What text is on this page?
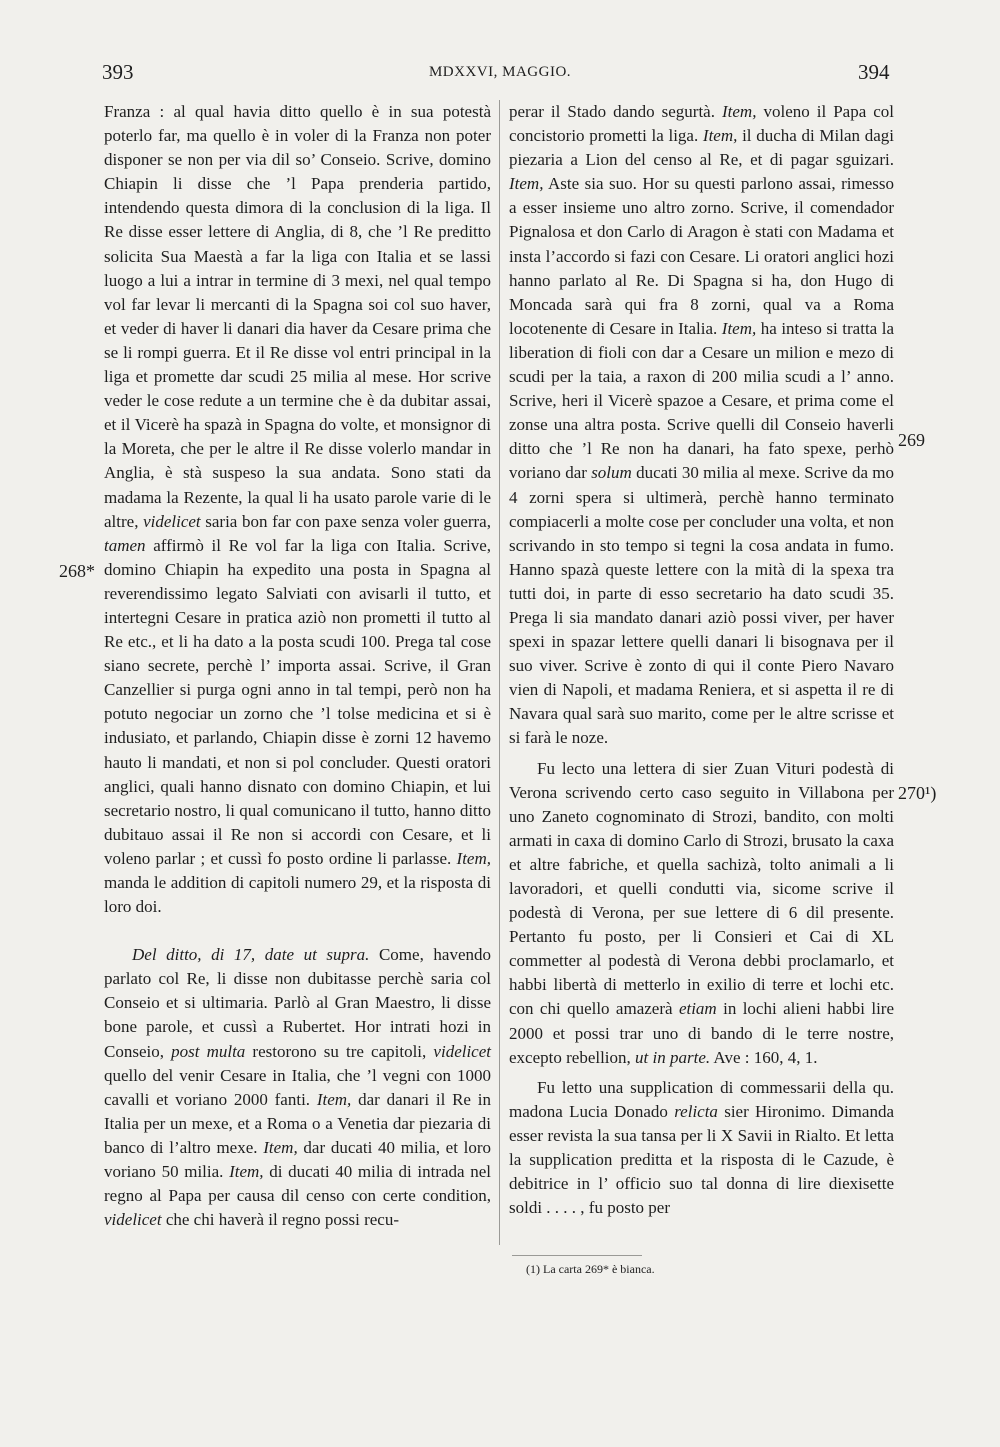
393	MDXXVI, MAGGIO.	394

Franza : al qual havia ditto quello è in sua potestà poterlo far, ma quello è in voler di la Franza non poter disponer se non per via dil so’ Conseio. Scrive, domino Chiapin li disse che ’l Papa prenderia partido, intendendo questa dimora di la conclusion di la liga. Il Re disse esser lettere di Anglia, di 8, che ’l Re preditto solicita Sua Maestà a far la liga con Italia et se lassi luogo a lui a intrar in termine di 3 mexi, nel qual tempo vol far levar li mercanti di la Spagna soi col suo haver, et veder di haver li danari dia haver da Cesare prima che se li rompi guerra. Et il Re disse vol entri principal in la liga et promette dar scudi 25 milia al mese. Hor scrive veder le cose redute a un termine che è da dubitar assai, et il Vicerè ha spazà in Spagna do volte, et monsignor di la Moreta, che per le altre il Re disse volerlo mandar in Anglia, è stà suspeso la sua andata. Sono stati da madama la Rezente, la qual li ha usato parole varie di le altre, videlicet saria bon far con paxe senza voler guerra, tamen affirmò il Re vol far la liga con Italia. Scrive, domino Chiapin ha expedito una posta in Spagna al reverendissimo legato Salviati con avisarli il tutto, et intertegni Cesare in pratica aziò non prometti il tutto al Re etc., et li ha dato a la posta scudi 100. Prega tal cose siano secrete, perchè l’ importa assai. Scrive, il Gran Canzellier si purga ogni anno in tal tempi, però non ha potuto negociar un zorno che ’l tolse medicina et si è indusiato, et parlando, Chiapin disse è zorni 12 havemo hauto li mandati, et non si pol concluder. Questi oratori anglici, quali hanno disnato con domino Chiapin, et lui secretario nostro, li qual comunicano il tutto, hanno ditto dubitauo assai il Re non si accordi con Cesare, et li voleno parlar ; et cussì fo posto ordine li parlasse. Item, manda le addition di capitoli numero 29, et la risposta di loro doi.

Del ditto, di 17, date ut supra. Come, havendo parlato col Re, li disse non dubitasse perchè saria col Conseio et si ultimaria. Parlò al Gran Maestro, li disse bone parole, et cussì a Rubertet. Hor intrati hozi in Conseio, post multa restorono su tre capitoli, videlicet quello del venir Cesare in Italia, che ’l vegni con 1000 cavalli et voriano 2000 fanti. Item, dar danari il Re in Italia per un mexe, et a Roma o a Venetia dar piezaria di banco di l’altro mexe. Item, dar ducati 40 milia, et loro voriano 50 milia. Item, di ducati 40 milia di intrada nel regno al Papa per causa dil censo con certe condition, videlicet che chi haverà il regno possi recu-

perar il Stado dando segurtà. Item, voleno il Papa col concistorio prometti la liga. Item, il ducha di Milan dagi piezaria a Lion del censo al Re, et di pagar sguizari. Item, Aste sia suo. Hor su questi parlono assai, rimesso a esser insieme uno altro zorno. Scrive, il comendador Pignalosa et don Carlo di Aragon è stati con Madama et insta l’accordo si fazi con Cesare. Li oratori anglici hozi hanno parlato al Re. Di Spagna si ha, don Hugo di Moncada sarà qui fra 8 zorni, qual va a Roma locotenente di Cesare in Italia. Item, ha inteso si tratta la liberation di fioli con dar a Cesare un milion e mezo di scudi per la taia, a raxon di 200 milia scudi a l’ anno. Scrive, heri il Vicerè spazoe a Cesare, et prima come el zonse una altra posta. Scrive quelli dil Conseio haverli ditto che ’l Re non ha danari, ha fato spexe, perhò voriano dar solum ducati 30 milia al mexe. Scrive da mo 4 zorni spera si ultimerà, perchè hanno terminato compiacerli a molte cose per concluder una volta, et non scrivando in sto tempo si tegni la cosa andata in fumo. Hanno spazà queste lettere con la mità di la spexa tra tutti doi, in parte di esso secretario ha dato scudi 35. Prega li sia mandato danari aziò possi viver, per haver spexi in spazar lettere quelli danari li bisognava per il suo viver. Scrive è zonto di qui il conte Piero Navaro vien di Napoli, et madama Reniera, et si aspetta il re di Navara qual sarà suo marito, come per le altre scrisse et si farà le noze.

Fu lecto una lettera di sier Zuan Vituri podestà di Verona scrivendo certo caso seguito in Villabona per uno Zaneto cognominato di Strozi, bandito, con molti armati in caxa di domino Carlo di Strozi, brusato la caxa et altre fabriche, et quella sachizà, tolto animali a li lavoradori, et quelli condutti via, sicome scrive il podestà di Verona, per sue lettere di 6 dil presente. Pertanto fu posto, per li Consieri et Cai di XL commetter al podestà di Verona debbi proclamarlo, et habbi libertà di metterlo in exilio di terre et lochi etc. con chi quello amazerà etiam in lochi alieni habbi lire 2000 et possi trar uno di bando di le terre nostre, excepto rebellion, ut in parte. Ave : 160, 4, 1.

Fu letto una supplication di commessarii della qu. madona Lucia Donado relicta sier Hironimo. Dimanda esser revista la sua tansa per li X Savii in Rialto. Et letta la supplication preditta et la risposta di le Cazude, è debitrice in l’ officio suo tal donna di lire diexisette soldi . . . . , fu posto per

268*
269
270¹)
(1) La carta 269* è bianca.
